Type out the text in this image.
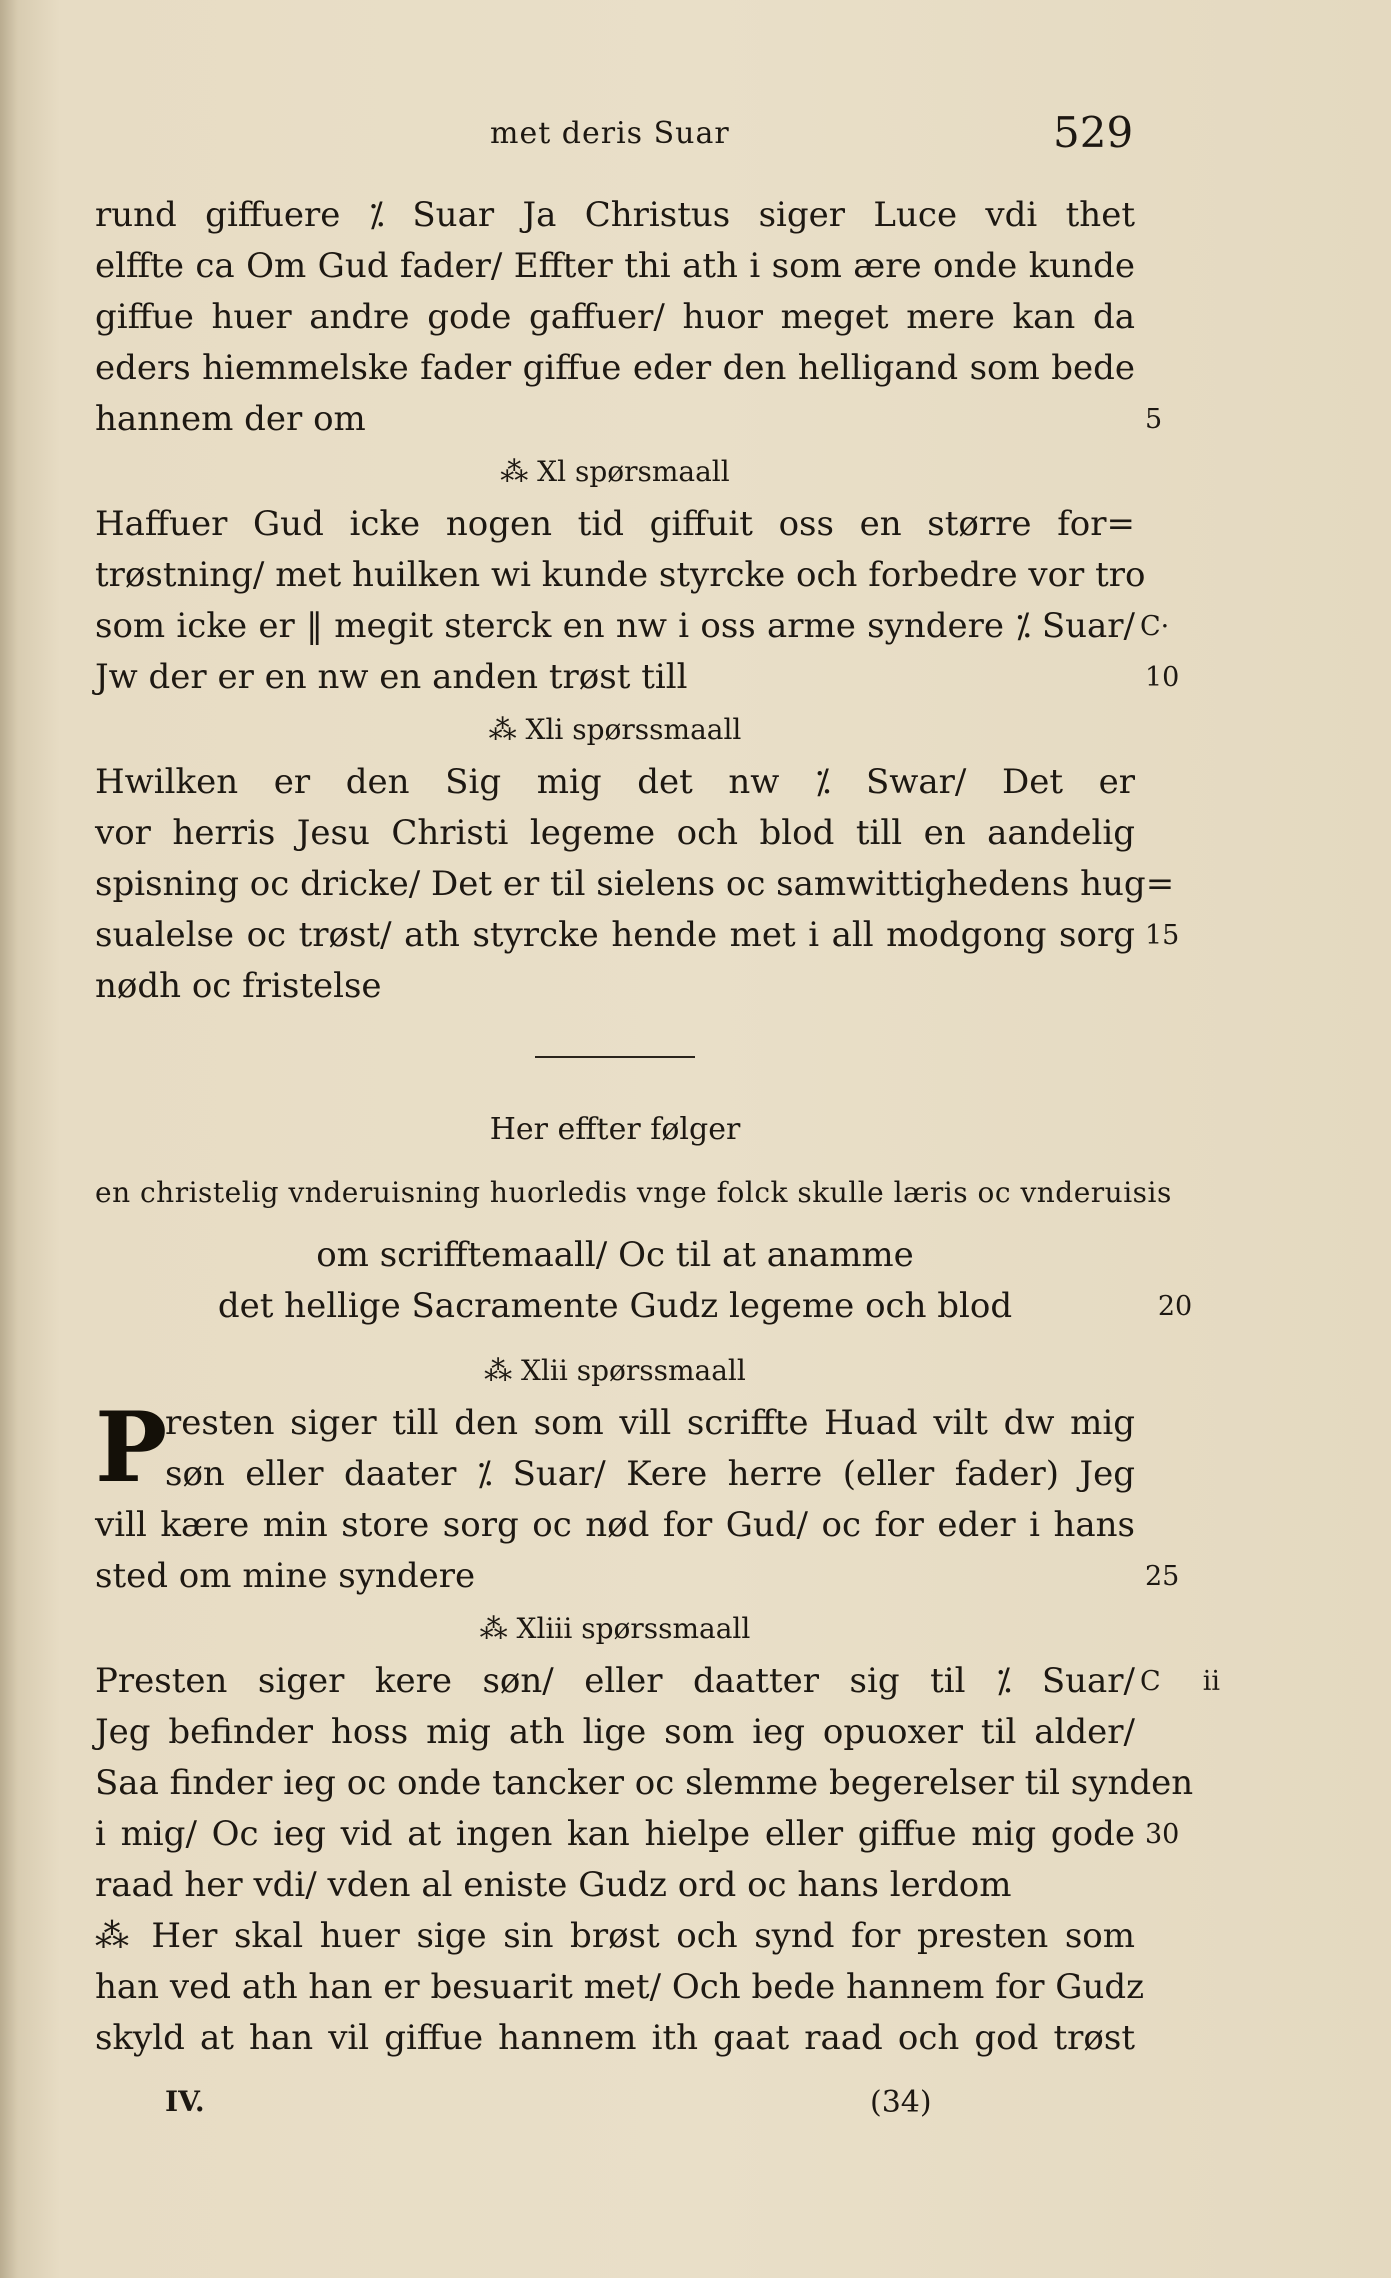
met deris Suar	529
rund giffuere ⁒ Suar Ja Christus siger Luce vdi thet
elffte ca Om Gud fader/ Effter thi ath i som ære onde kunde
giffue huer andre gode gaffuer/ huor meget mere kan da
eders hiemmelske fader giffue eder den helligand som bede
hannem der om	5
⁂ Xl spørsmaall
Haffuer Gud icke nogen tid giffuit oss en større for=
trøstning/ met huilken wi kunde styrcke och forbedre vor tro
som icke er ‖ megit sterck en nw i oss arme syndere ⁒ Suar/ C·
Jw der er en nw en anden trøst till	10
⁂ Xli spørssmaall
Hwilken er den Sig mig det nw ⁒ Swar/ Det er
vor herris Jesu Christi legeme och blod till en aandelig
spisning oc dricke/ Det er til sielens oc samwittighedens hug=
sualelse oc trøst/ ath styrcke hende met i all modgong sorg 15
nødh oc fristelse
Her effter følger
en christelig vnderuisning huorledis vnge folck skulle læris oc vnderuisis
om scrifftemaall/ Oc til at anamme
det hellige Sacramente Gudz legeme och blod	20
⁂ Xlii spørssmaall
P
resten siger till den som vill scriffte Huad vilt dw mig
søn eller daater ⁒ Suar/ Kere herre (eller fader) Jeg
vill kære min store sorg oc nød for Gud/ oc for eder i hans
sted om mine syndere	25
⁂ Xliii spørssmaall
Presten siger kere søn/ eller daatter sig til ⁒ Suar/ C ii
Jeg befinder hoss mig ath lige som ieg opuoxer til alder/
Saa finder ieg oc onde tancker oc slemme begerelser til synden
i mig/ Oc ieg vid at ingen kan hielpe eller giffue mig gode 30
raad her vdi/ vden al eniste Gudz ord oc hans lerdom
⁂ Her skal huer sige sin brøst och synd for presten som
han ved ath han er besuarit met/ Och bede hannem for Gudz
skyld at han vil giffue hannem ith gaat raad och god trøst
IV.	(34)
